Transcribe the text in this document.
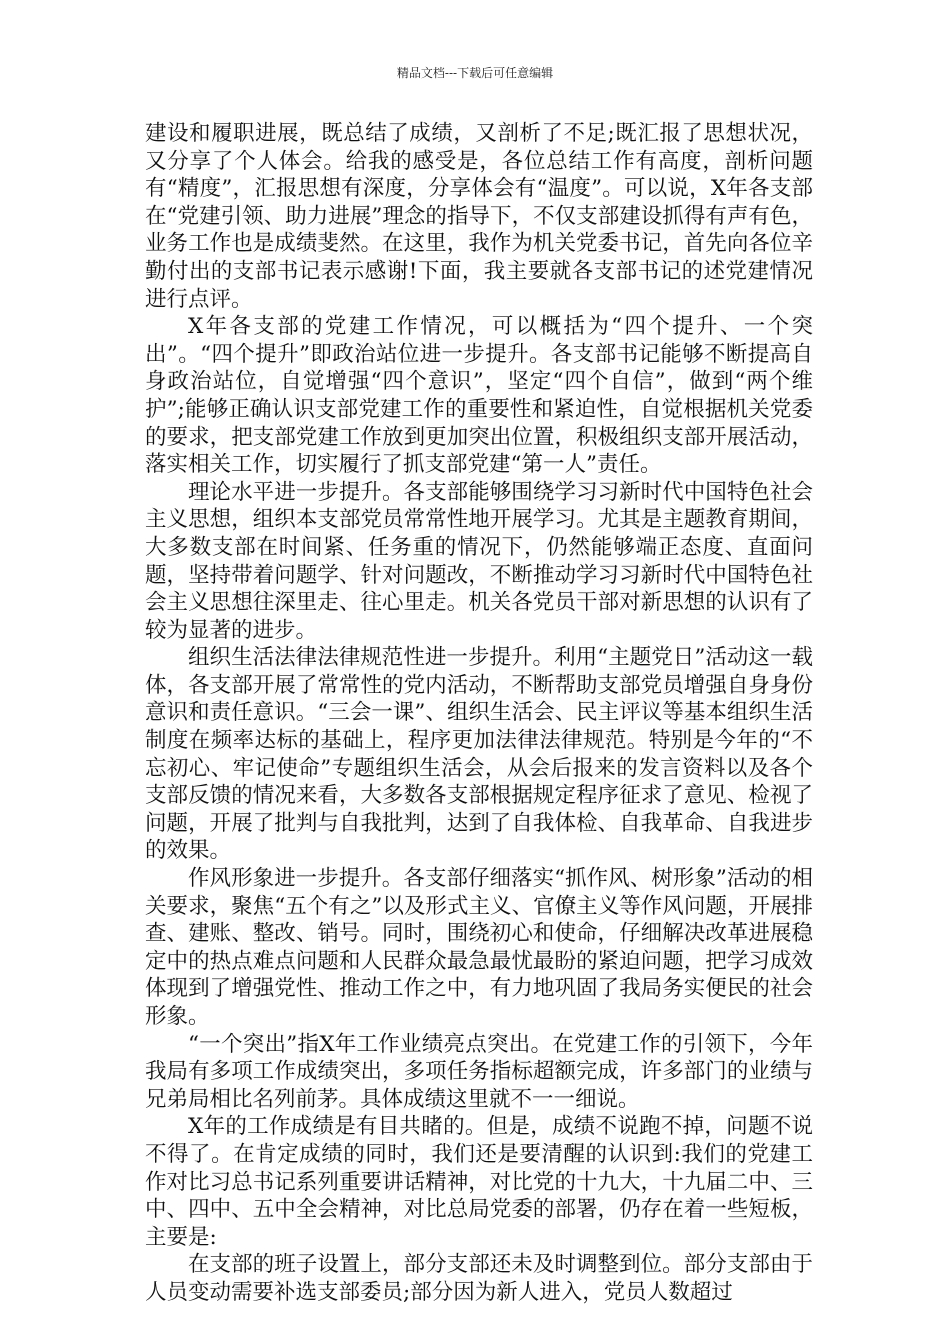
精品文档---下载后可任意编辑

建设和履职进展，既总结了成绩，又剖析了不足;既汇报了思想状况，又分享了个人体会。给我的感受是，各位总结工作有高度，剖析问题有“精度”，汇报思想有深度，分享体会有“温度”。可以说，X年各支部在“党建引领、助力进展”理念的指导下，不仅支部建设抓得有声有色，业务工作也是成绩斐然。在这里，我作为机关党委书记，首先向各位辛勤付出的支部书记表示感谢!下面，我主要就各支部书记的述党建情况进行点评。

X年各支部的党建工作情况，可以概括为“四个提升、一个突出”。“四个提升”即政治站位进一步提升。各支部书记能够不断提高自身政治站位，自觉增强“四个意识”，坚定“四个自信”，做到“两个维护”;能够正确认识支部党建工作的重要性和紧迫性，自觉根据机关党委的要求，把支部党建工作放到更加突出位置，积极组织支部开展活动，落实相关工作，切实履行了抓支部党建“第一人”责任。

理论水平进一步提升。各支部能够围绕学习习新时代中国特色社会主义思想，组织本支部党员常常性地开展学习。尤其是主题教育期间，大多数支部在时间紧、任务重的情况下，仍然能够端正态度、直面问题，坚持带着问题学、针对问题改，不断推动学习习新时代中国特色社会主义思想往深里走、往心里走。机关各党员干部对新思想的认识有了较为显著的进步。

组织生活法律法律规范性进一步提升。利用“主题党日”活动这一载体，各支部开展了常常性的党内活动，不断帮助支部党员增强自身身份意识和责任意识。“三会一课”、组织生活会、民主评议等基本组织生活制度在频率达标的基础上，程序更加法律法律规范。特别是今年的“不忘初心、牢记使命”专题组织生活会，从会后报来的发言资料以及各个支部反馈的情况来看，大多数各支部根据规定程序征求了意见、检视了问题，开展了批判与自我批判，达到了自我体检、自我革命、自我进步的效果。

作风形象进一步提升。各支部仔细落实“抓作风、树形象”活动的相关要求，聚焦“五个有之”以及形式主义、官僚主义等作风问题，开展排查、建账、整改、销号。同时，围绕初心和使命，仔细解决改革进展稳定中的热点难点问题和人民群众最急最忧最盼的紧迫问题，把学习成效体现到了增强党性、推动工作之中，有力地巩固了我局务实便民的社会形象。

“一个突出”指X年工作业绩亮点突出。在党建工作的引领下，今年我局有多项工作成绩突出，多项任务指标超额完成，许多部门的业绩与兄弟局相比名列前茅。具体成绩这里就不一一细说。

X年的工作成绩是有目共睹的。但是，成绩不说跑不掉，问题不说不得了。在肯定成绩的同时，我们还是要清醒的认识到:我们的党建工作对比习总书记系列重要讲话精神，对比党的十九大，十九届二中、三中、四中、五中全会精神，对比总局党委的部署，仍存在着一些短板，主要是:

在支部的班子设置上，部分支部还未及时调整到位。部分支部由于人员变动需要补选支部委员;部分因为新人进入，党员人数超过
